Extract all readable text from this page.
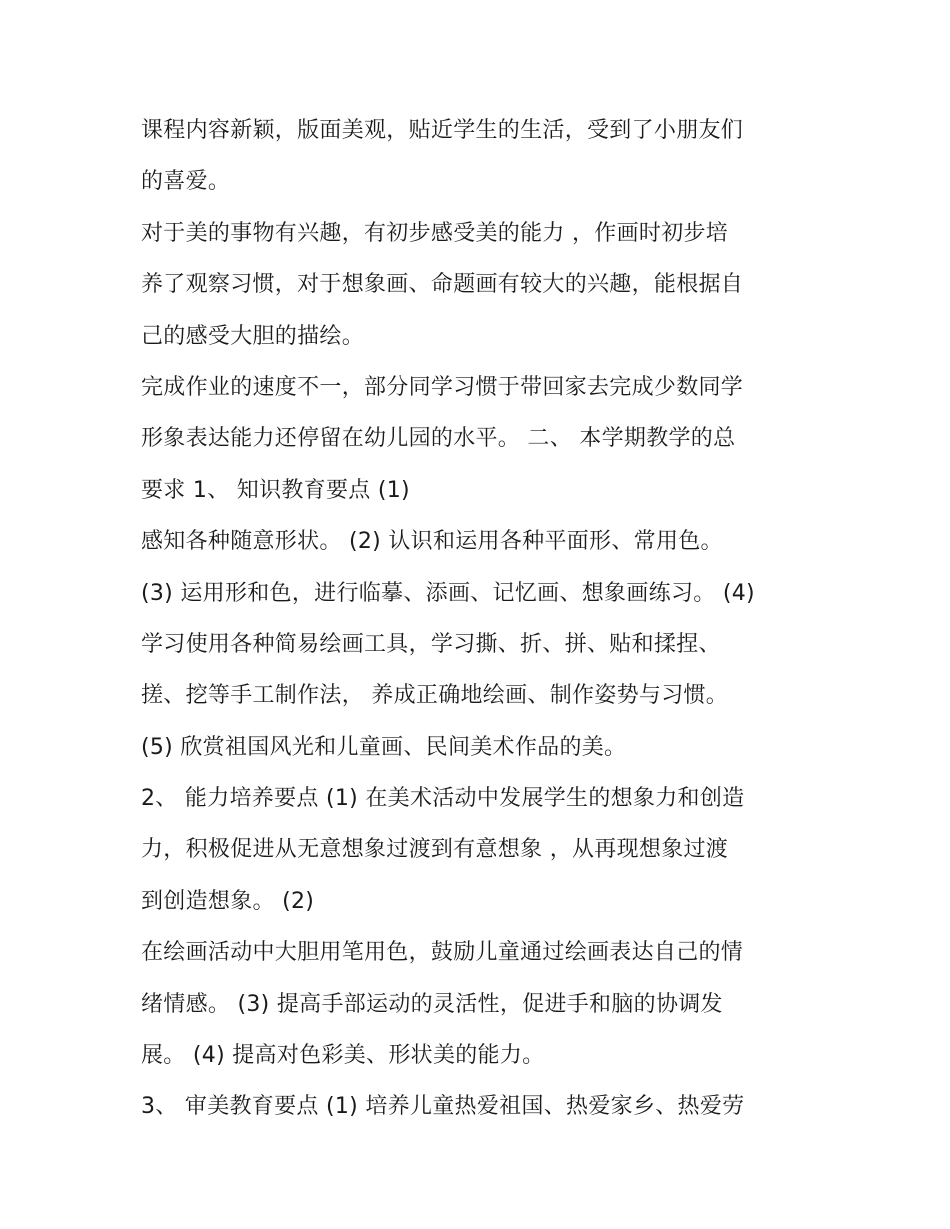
课程内容新颖，版面美观，贴近学生的生活，受到了小朋友们
的喜爱。
对于美的事物有兴趣，有初步感受美的能力 ，作画时初步培
养了观察习惯，对于想象画、命题画有较大的兴趣，能根据自
己的感受大胆的描绘。
完成作业的速度不一，部分同学习惯于带回家去完成少数同学
形象表达能力还停留在幼儿园的水平。 二、 本学期教学的总
要求 1、 知识教育要点 (1)
感知各种随意形状。 (2) 认识和运用各种平面形、常用色。
(3) 运用形和色，进行临摹、添画、记忆画、想象画练习。 (4)
学习使用各种简易绘画工具，学习撕、折、拼、贴和揉捏、
搓、挖等手工制作法， 养成正确地绘画、制作姿势与习惯。
(5) 欣赏祖国风光和儿童画、民间美术作品的美。
2、 能力培养要点 (1) 在美术活动中发展学生的想象力和创造
力，积极促进从无意想象过渡到有意想象 ，从再现想象过渡
到创造想象。 (2)
在绘画活动中大胆用笔用色，鼓励儿童通过绘画表达自己的情
绪情感。 (3) 提高手部运动的灵活性，促进手和脑的协调发
展。 (4) 提高对色彩美、形状美的能力。
3、 审美教育要点 (1) 培养儿童热爱祖国、热爱家乡、热爱劳
